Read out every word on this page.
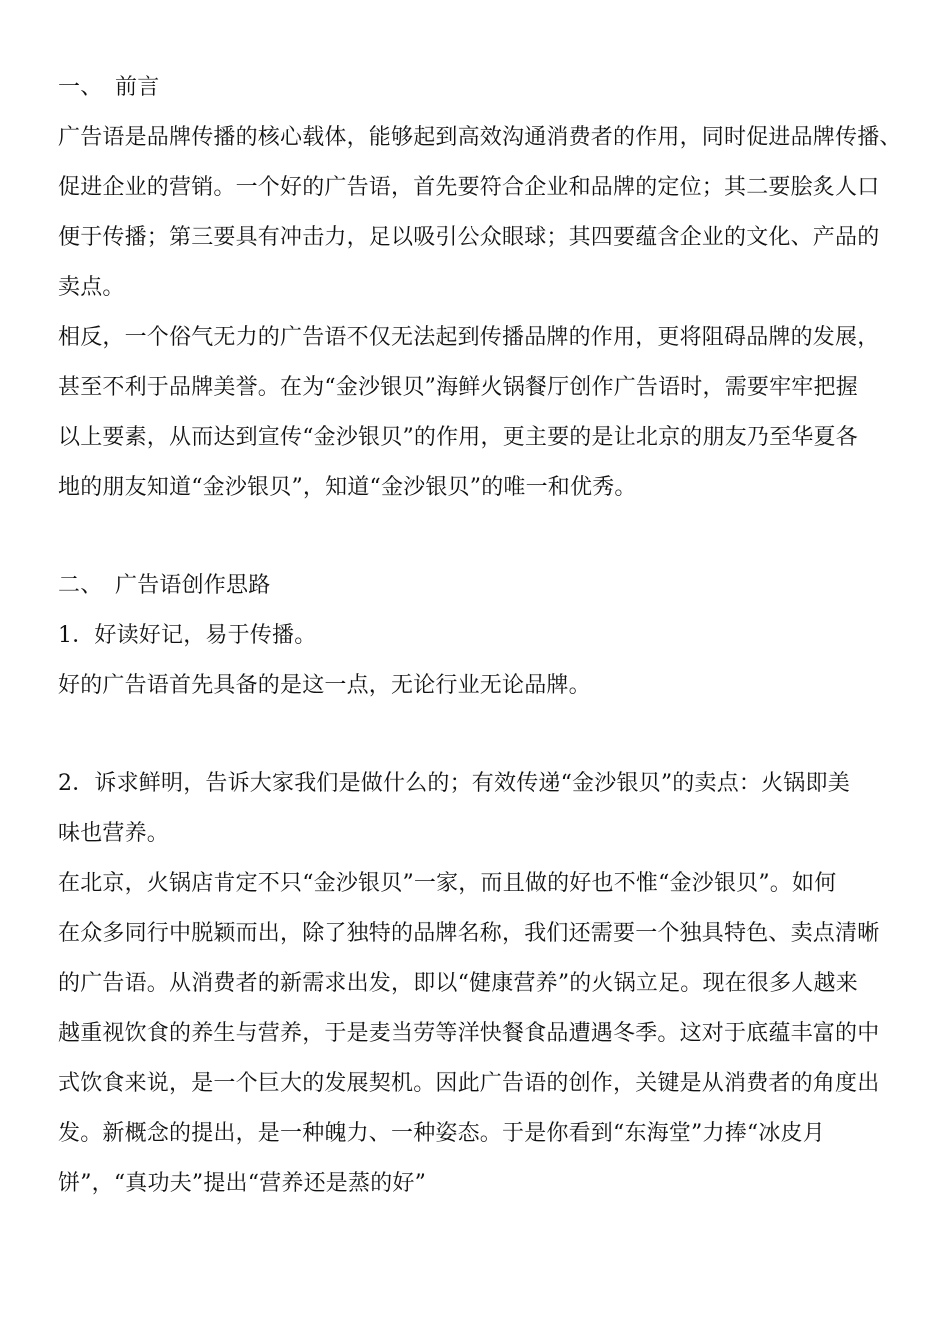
一、 前言
广告语是品牌传播的核心载体，能够起到高效沟通消费者的作用，同时促进品牌传播、
促进企业的营销。一个好的广告语，首先要符合企业和品牌的定位；其二要脍炙人口
便于传播；第三要具有冲击力，足以吸引公众眼球；其四要蕴含企业的文化、产品的
卖点。
相反，一个俗气无力的广告语不仅无法起到传播品牌的作用，更将阻碍品牌的发展，
甚至不利于品牌美誉。在为“金沙银贝”海鲜火锅餐厅创作广告语时，需要牢牢把握
以上要素，从而达到宣传“金沙银贝”的作用，更主要的是让北京的朋友乃至华夏各
地的朋友知道“金沙银贝”，知道“金沙银贝”的唯一和优秀。
二、 广告语创作思路
1．好读好记，易于传播。
好的广告语首先具备的是这一点，无论行业无论品牌。
2．诉求鲜明，告诉大家我们是做什么的；有效传递“金沙银贝”的卖点：火锅即美
味也营养。
在北京，火锅店肯定不只“金沙银贝”一家，而且做的好也不惟“金沙银贝”。如何
在众多同行中脱颖而出，除了独特的品牌名称，我们还需要一个独具特色、卖点清晰
的广告语。从消费者的新需求出发，即以“健康营养”的火锅立足。现在很多人越来
越重视饮食的养生与营养，于是麦当劳等洋快餐食品遭遇冬季。这对于底蕴丰富的中
式饮食来说，是一个巨大的发展契机。因此广告语的创作，关键是从消费者的角度出
发。新概念的提出，是一种魄力、一种姿态。于是你看到“东海堂”力捧“冰皮月
饼”，“真功夫”提出“营养还是蒸的好”
